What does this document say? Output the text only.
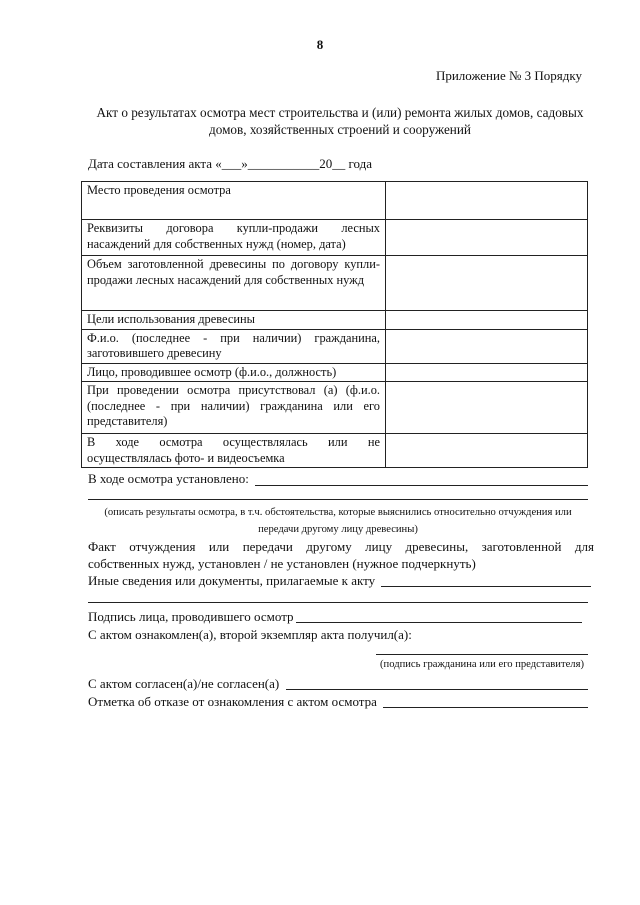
8
Приложение № 3 Порядку
Акт о результатах осмотра мест строительства и (или) ремонта жилых домов, садовых домов, хозяйственных строений и сооружений
Дата составления акта «___»___________20__ года
Место проведения осмотра	
Реквизиты договора купли-продажи лесных насаждений для собственных нужд (номер, дата)	
Объем заготовленной древесины по договору купли-продажи лесных насаждений для собственных нужд	
Цели использования древесины	
Ф.и.о. (последнее - при наличии) гражданина, заготовившего древесину	
Лицо, проводившее осмотр (ф.и.о., должность)	
При проведении осмотра присутствовал (а) (ф.и.о. (последнее - при наличии) гражданина или его представителя)	
В ходе осмотра осуществлялась или не осуществлялась фото- и видеосъемка	
В ходе осмотра установлено:
(описать результаты осмотра, в т.ч. обстоятельства, которые выяснились относительно отчуждения или
передачи другому лицу древесины)
Факт отчуждения или передачи другому лицу древесины, заготовленной для
собственных нужд, установлен / не установлен (нужное подчеркнуть)
Иные сведения или документы, прилагаемые к акту
Подпись лица, проводившего осмотр
С актом ознакомлен(а), второй экземпляр акта получил(а):
(подпись гражданина или его представителя)
С актом согласен(а)/не согласен(а)
Отметка об отказе от ознакомления с актом осмотра
